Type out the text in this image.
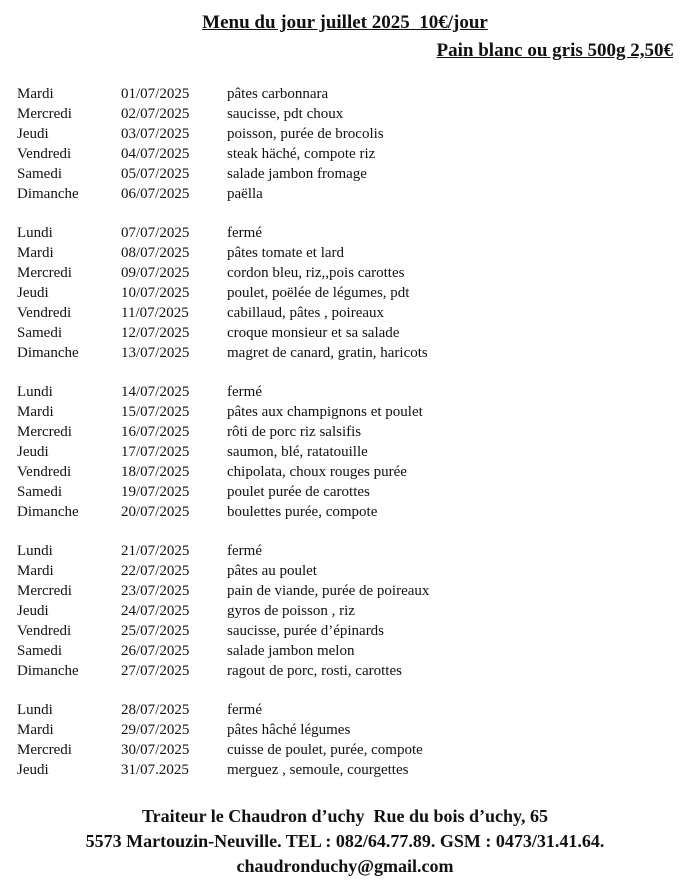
Menu du jour juillet 2025  10€/jour
Pain blanc ou gris 500g 2,50€
Mardi	01/07/2025	pâtes carbonnara
Mercredi	02/07/2025	saucisse, pdt choux
Jeudi	03/07/2025	poisson, purée de brocolis
Vendredi	04/07/2025	steak häché, compote riz
Samedi	05/07/2025	salade jambon fromage
Dimanche	06/07/2025	paëlla
Lundi	07/07/2025	fermé
Mardi	08/07/2025	pâtes tomate et lard
Mercredi	09/07/2025	cordon bleu, riz,,pois carottes
Jeudi	10/07/2025	poulet, poëlée de légumes, pdt
Vendredi	11/07/2025	cabillaud, pâtes , poireaux
Samedi	12/07/2025	croque monsieur et sa salade
Dimanche	13/07/2025	magret de canard, gratin, haricots
Lundi	14/07/2025	fermé
Mardi	15/07/2025	pâtes aux champignons et poulet
Mercredi	16/07/2025	rôti de porc riz salsifis
Jeudi	17/07/2025	saumon, blé, ratatouille
Vendredi	18/07/2025	chipolata, choux rouges purée
Samedi	19/07/2025	poulet purée de carottes
Dimanche	20/07/2025	boulettes purée, compote
Lundi	21/07/2025	fermé
Mardi	22/07/2025	pâtes au poulet
Mercredi	23/07/2025	pain de viande, purée de poireaux
Jeudi	24/07/2025	gyros de poisson , riz
Vendredi	25/07/2025	saucisse, purée d’épinards
Samedi	26/07/2025	salade jambon melon
Dimanche	27/07/2025	ragout de porc, rosti, carottes
Lundi	28/07/2025	fermé
Mardi	29/07/2025	pâtes hâché légumes
Mercredi	30/07/2025	cuisse de poulet, purée, compote
Jeudi	31/07.2025	merguez , semoule, courgettes
Traiteur le Chaudron d’uchy  Rue du bois d’uchy, 65
5573 Martouzin-Neuville. TEL : 082/64.77.89. GSM : 0473/31.41.64.
chaudronduchy@gmail.com
